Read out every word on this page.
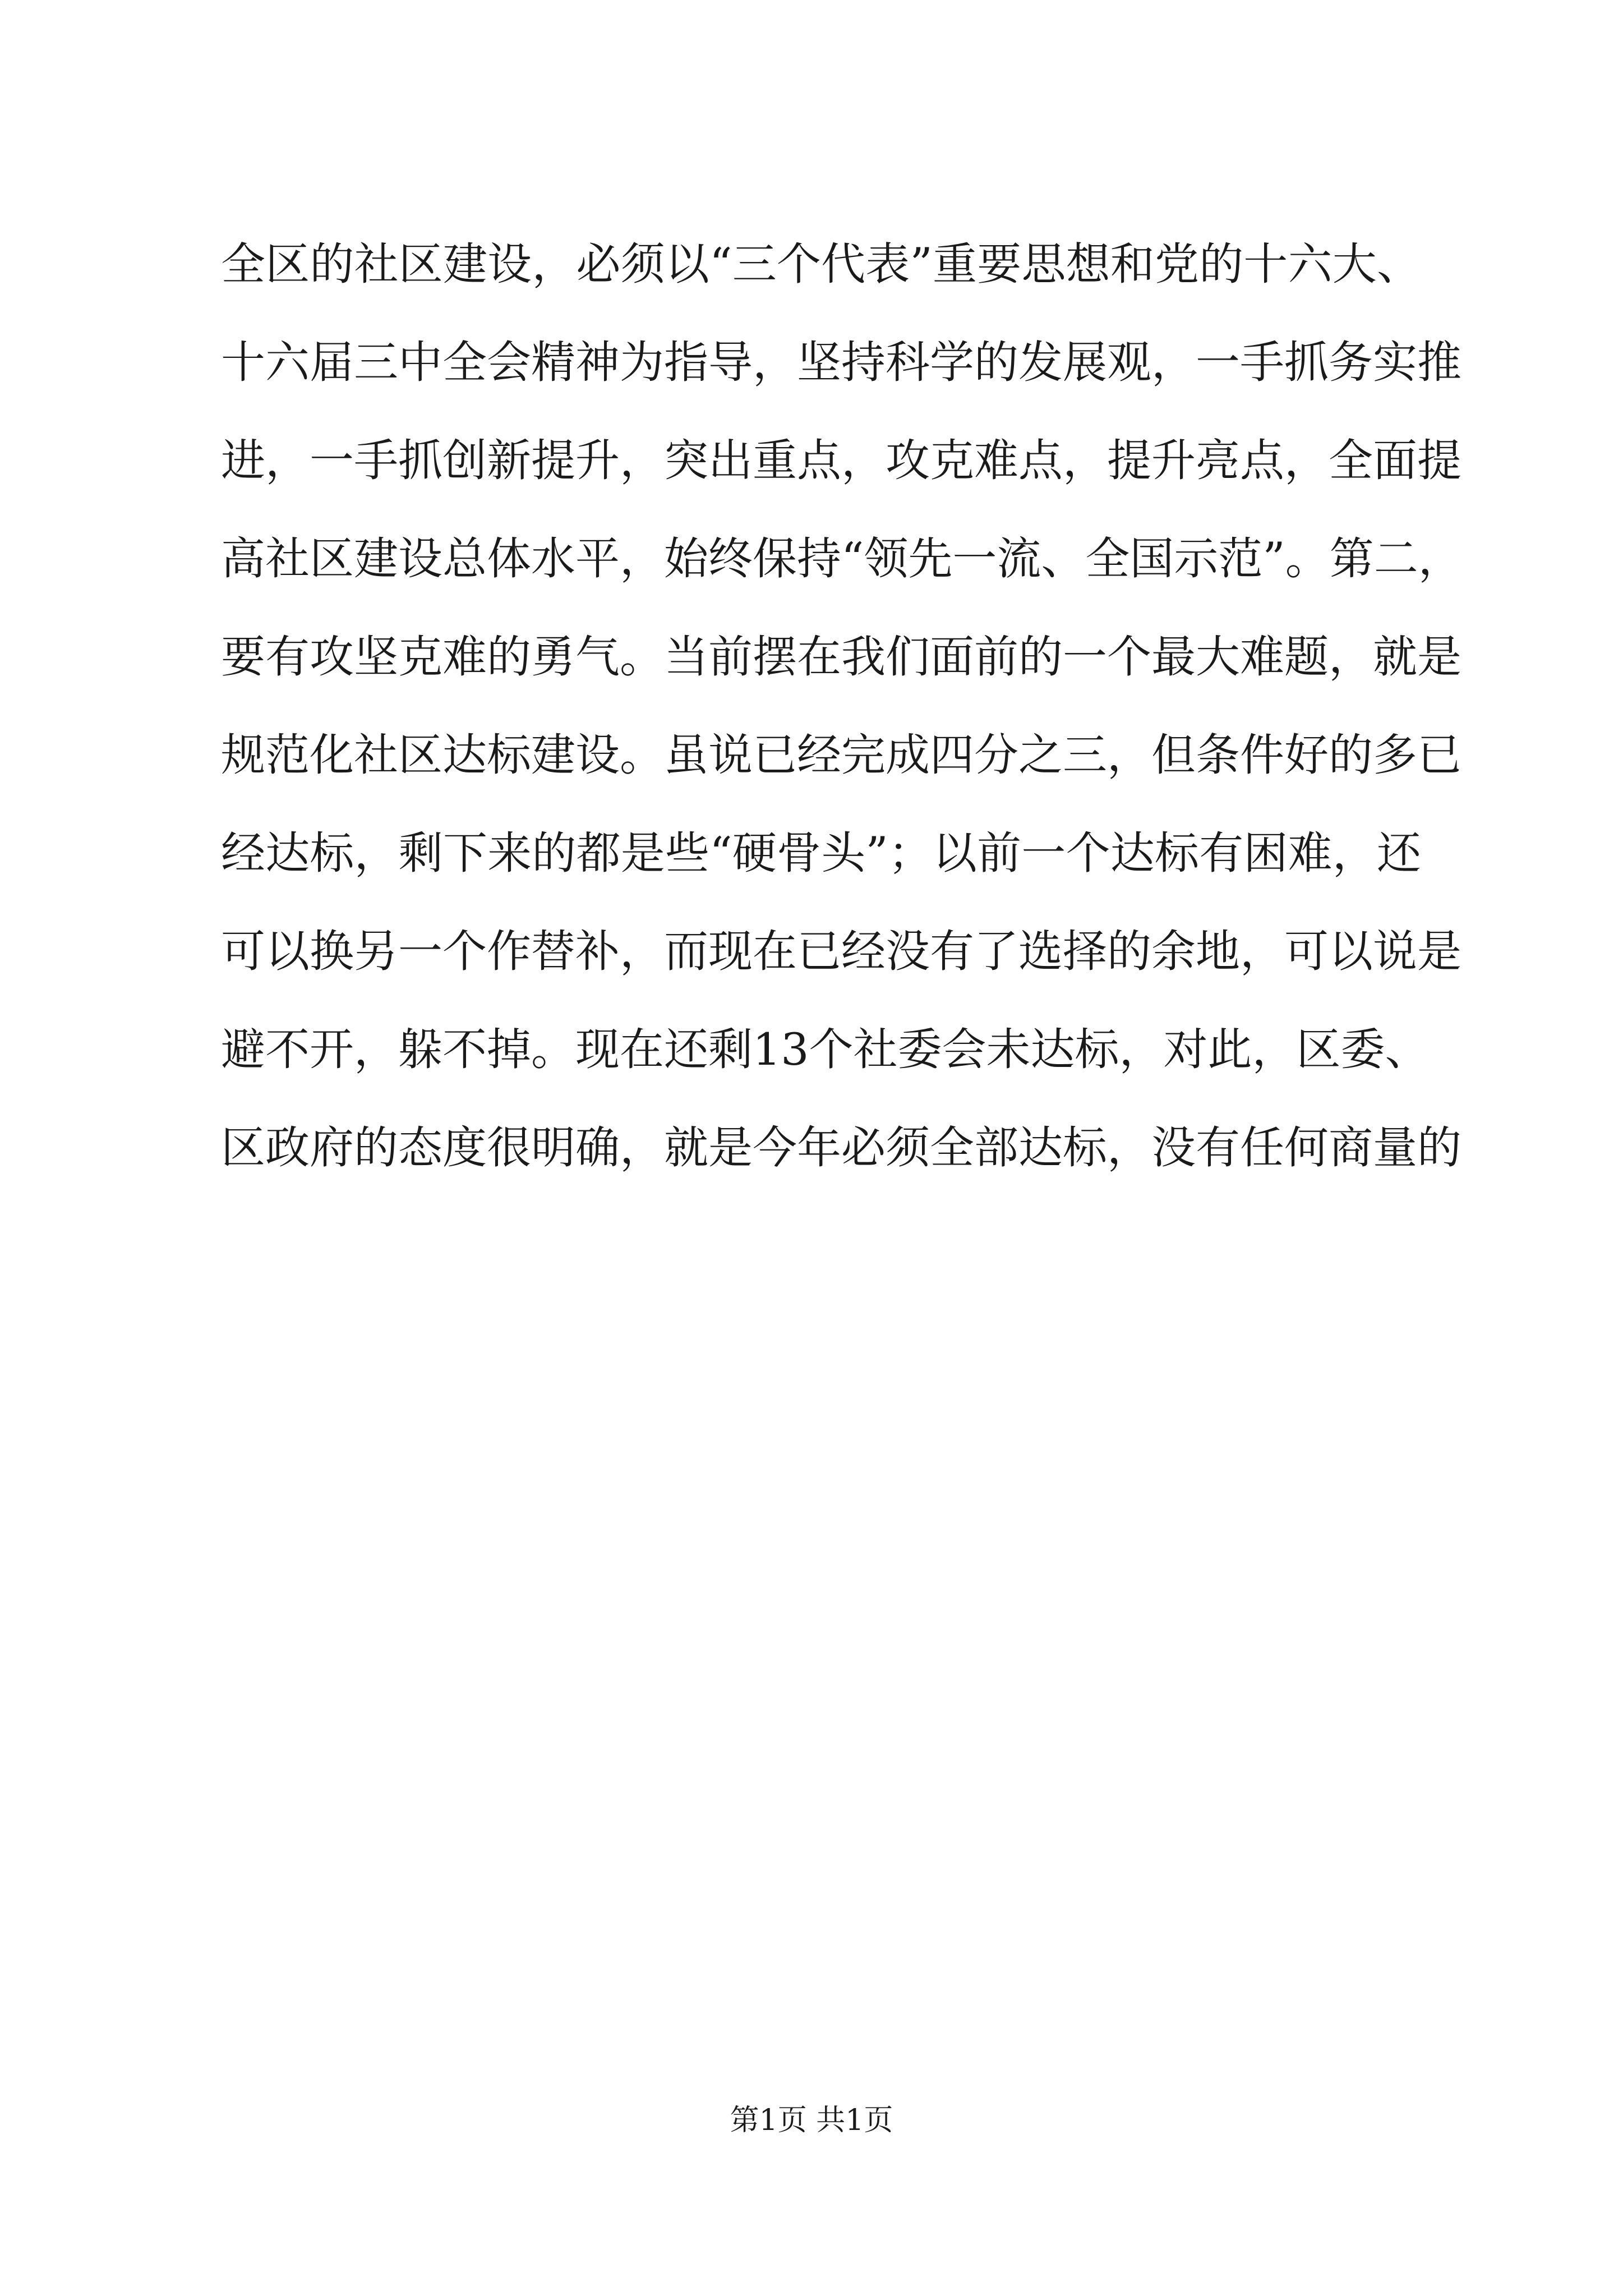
全区的社区建设，必须以“三个代表”重要思想和党的十六大、
十六届三中全会精神为指导，坚持科学的发展观，一手抓务实推
进，一手抓创新提升，突出重点，攻克难点，提升亮点，全面提
高社区建设总体水平，始终保持“领先一流、全国示范”。第二，
要有攻坚克难的勇气。当前摆在我们面前的一个最大难题，就是
规范化社区达标建设。虽说已经完成四分之三，但条件好的多已
经达标，剩下来的都是些“硬骨头”；以前一个达标有困难，还
可以换另一个作替补，而现在已经没有了选择的余地，可以说是
避不开，躲不掉。现在还剩13个社委会未达标，对此，区委、
区政府的态度很明确，就是今年必须全部达标，没有任何商量的
第1页 共1页
